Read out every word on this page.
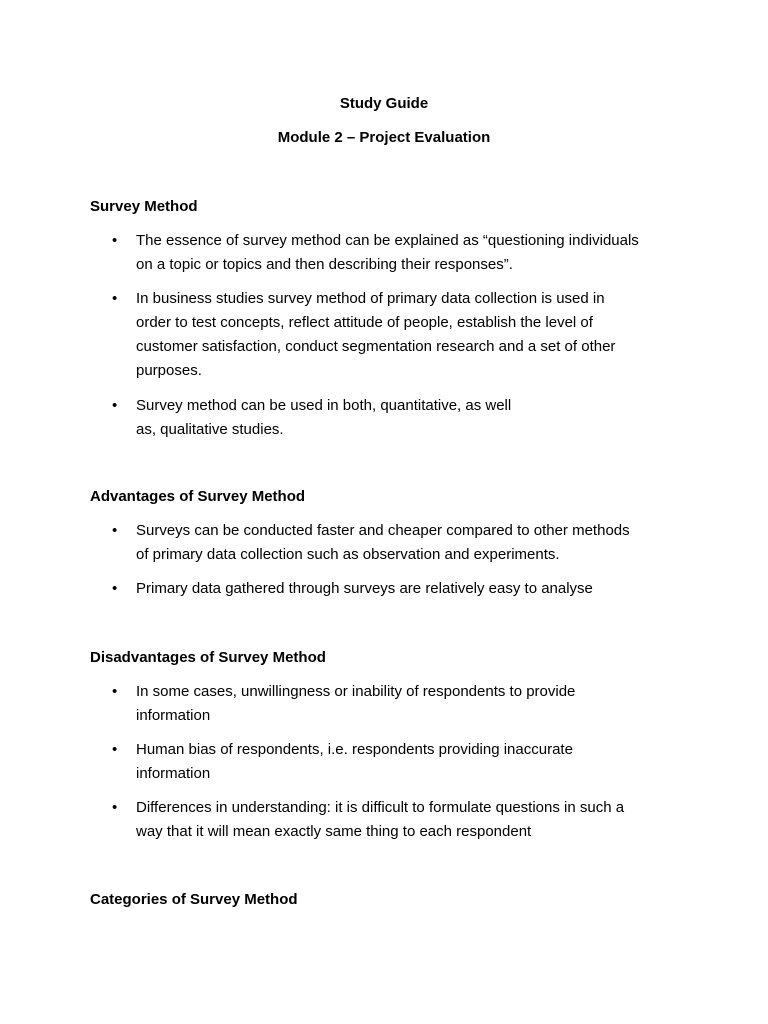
Study Guide
Module 2 – Project Evaluation
Survey Method
•	The essence of survey method can be explained as “questioning individuals
on a topic or topics and then describing their responses”.
•	In business studies survey method of primary data collection is used in
order to test concepts, reflect attitude of people, establish the level of
customer satisfaction, conduct segmentation research and a set of other
purposes.
•	Survey method can be used in both, quantitative, as well
as, qualitative studies.
Advantages of Survey Method
•	Surveys can be conducted faster and cheaper compared to other methods
of primary data collection such as observation and experiments.
•	Primary data gathered through surveys are relatively easy to analyse
Disadvantages of Survey Method
•	In some cases, unwillingness or inability of respondents to provide
information
•	Human bias of respondents, i.e. respondents providing inaccurate
information
•	Differences in understanding: it is difficult to formulate questions in such a
way that it will mean exactly same thing to each respondent
Categories of Survey Method
